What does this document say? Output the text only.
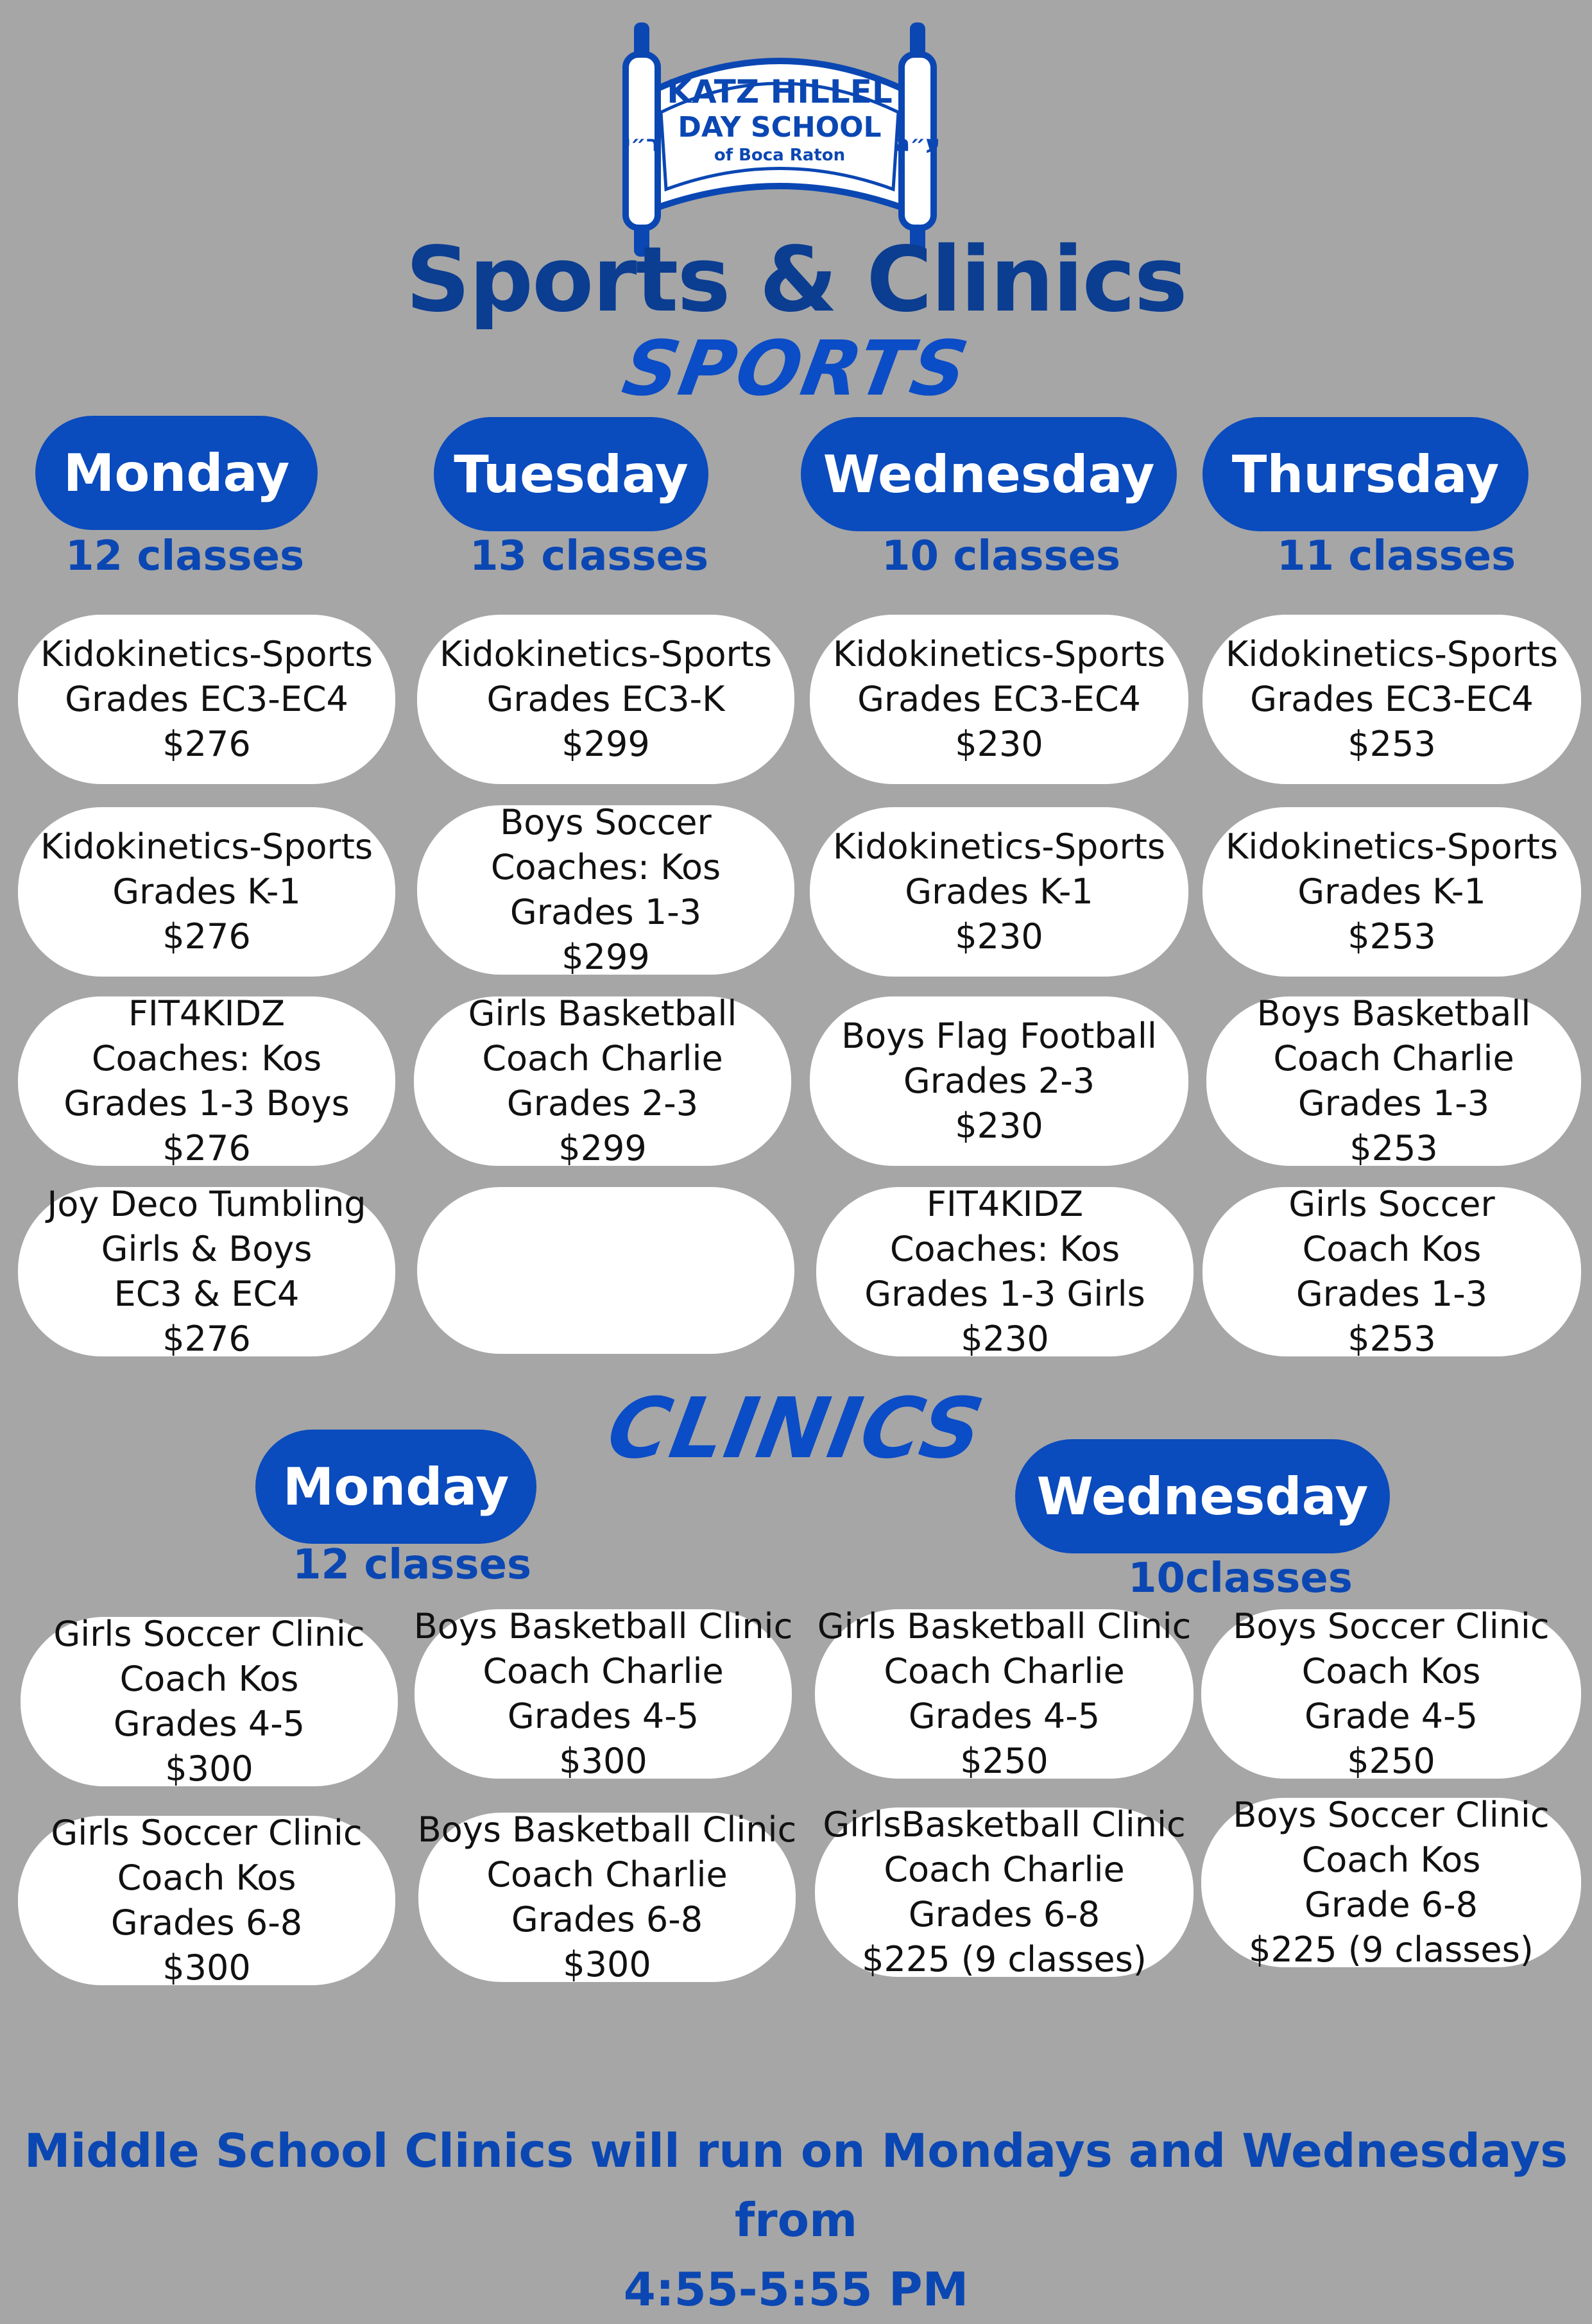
ר״י	ע״ה
KATZ HILLEL
DAY SCHOOL
of Boca Raton
Sports & Clinics
SPORTS
Monday	Tuesday	Wednesday	Thursday
12 classes	13 classes	10 classes	11 classes
Kidokinetics-Sports
Grades EC3-EC4
$276
Kidokinetics-Sports
Grades K-1
$276
FIT4KIDZ
Coaches: Kos
Grades 1-3 Boys
$276
Joy Deco Tumbling
Girls & Boys
EC3 & EC4
$276
Kidokinetics-Sports
Grades EC3-K
$299
Boys Soccer
Coaches: Kos
Grades 1-3
$299
Girls Basketball
Coach Charlie
Grades 2-3
$299
Kidokinetics-Sports
Grades EC3-EC4
$230
Kidokinetics-Sports
Grades K-1
$230
Boys Flag Football
Grades 2-3
$230
FIT4KIDZ
Coaches: Kos
Grades 1-3 Girls
$230
Kidokinetics-Sports
Grades EC3-EC4
$253
Kidokinetics-Sports
Grades K-1
$253
Boys Basketball
Coach Charlie
Grades 1-3
$253
Girls Soccer
Coach Kos
Grades 1-3
$253
CLINICS
Monday	Wednesday
12 classes	10classes
Girls Soccer Clinic
Coach Kos
Grades 4-5
$300
Girls Soccer Clinic
Coach Kos
Grades 6-8
$300
Boys Basketball Clinic
Coach Charlie
Grades 4-5
$300
Boys Basketball Clinic
Coach Charlie
Grades 6-8
$300
Girls Basketball Clinic
Coach Charlie
Grades 4-5
$250
GirlsBasketball Clinic
Coach Charlie
Grades 6-8
$225 (9 classes)
Boys Soccer Clinic
Coach Kos
Grade 4-5
$250
Boys Soccer Clinic
Coach Kos
Grade 6-8
$225 (9 classes)
Middle School Clinics will run on Mondays and Wednesdays from
4:55-5:55 PM
